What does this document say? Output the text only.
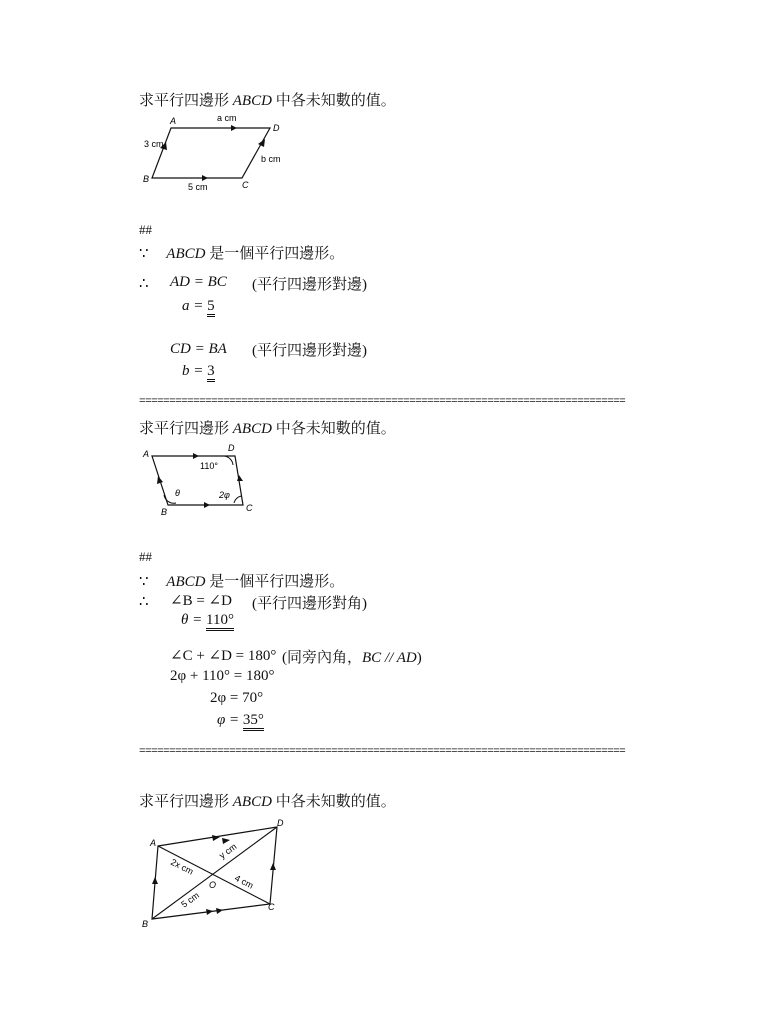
求平行四邊形 ABCD 中各未知數的值。
A
D
B
C
a cm
3 cm
b cm
5 cm
##
∵ ABCD 是一個平行四邊形。
∴ AD = BC (平行四邊形對邊)
a = 5
CD = BA (平行四邊形對邊)
b = 3
=================================================================================
求平行四邊形 ABCD 中各未知數的值。
A
D
B	C
110°
θ	2φ
##
∵ ABCD 是一個平行四邊形。
∴ ∠B = ∠D (平行四邊形對角)
θ = 110°
∠C + ∠D = 180° (同旁內角，BC // AD)
2φ + 110° = 180°
2φ = 70°
φ = 35°
=================================================================================
求平行四邊形 ABCD 中各未知數的值。
A
D
B
C
O
2x cm
y cm
4 cm
5 cm
